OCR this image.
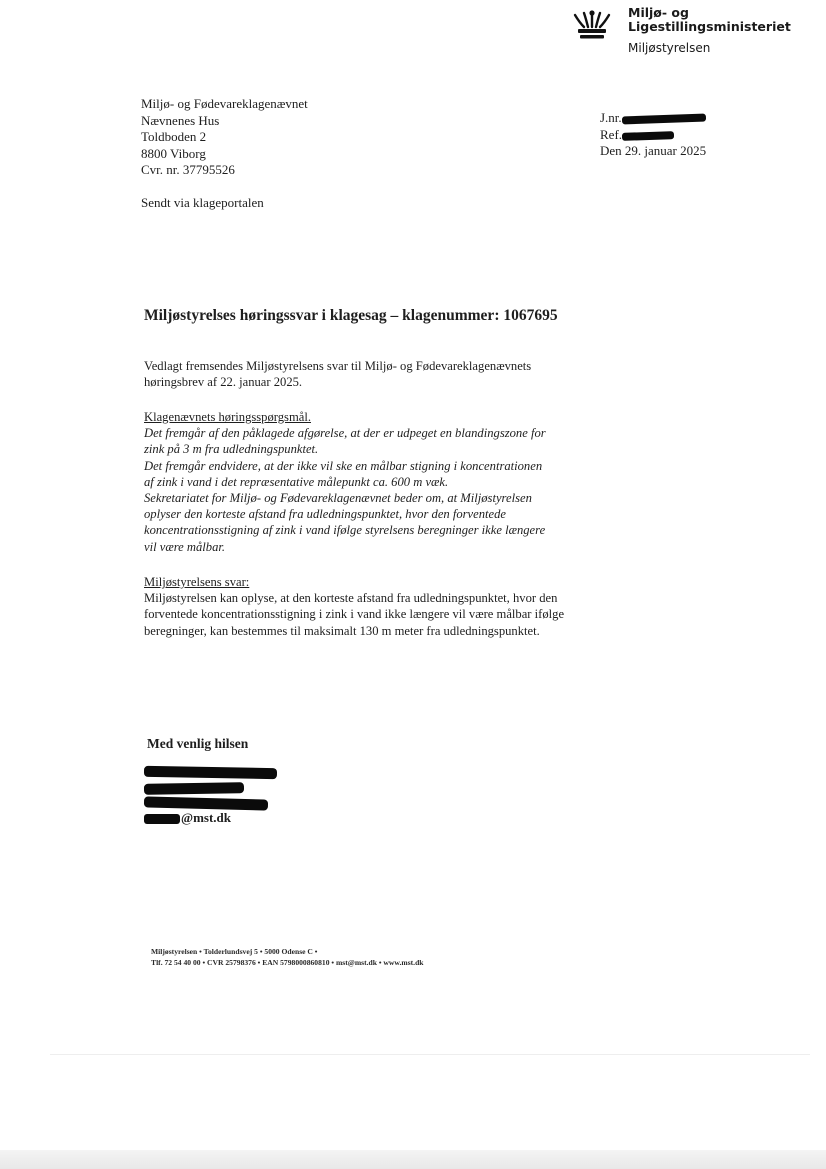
Miljø- og
Ligestillingsministeriet
Miljøstyrelsen
Miljø- og Fødevareklagenævnet
Nævnenes Hus
Toldboden 2
8800 Viborg
Cvr. nr. 37795526
Sendt via klageportalen
J.nr.
Ref.
Den 29. januar 2025
Miljøstyrelses høringssvar i klagesag – klagenummer: 1067695
Vedlagt fremsendes Miljøstyrelsens svar til Miljø- og Fødevareklagenævnets
høringsbrev af 22. januar 2025.
Klagenævnets høringsspørgsmål.
Det fremgår af den påklagede afgørelse, at der er udpeget en blandingszone for
zink på 3 m fra udledningspunktet.
Det fremgår endvidere, at der ikke vil ske en målbar stigning i koncentrationen
af zink i vand i det repræsentative målepunkt ca. 600 m væk.
Sekretariatet for Miljø- og Fødevareklagenævnet beder om, at Miljøstyrelsen
oplyser den korteste afstand fra udledningspunktet, hvor den forventede
koncentrationsstigning af zink i vand ifølge styrelsens beregninger ikke længere
vil være målbar.
Miljøstyrelsens svar:
Miljøstyrelsen kan oplyse, at den korteste afstand fra udledningspunktet, hvor den
forventede koncentrationsstigning i zink i vand ikke længere vil være målbar ifølge
beregninger, kan bestemmes til maksimalt 130 m meter fra udledningspunktet.
Med venlig hilsen
@mst.dk
Miljøstyrelsen • Tolderlundsvej 5 • 5000 Odense C •
Tlf. 72 54 40 00 • CVR 25798376 • EAN 5798000860810 • mst@mst.dk • www.mst.dk
